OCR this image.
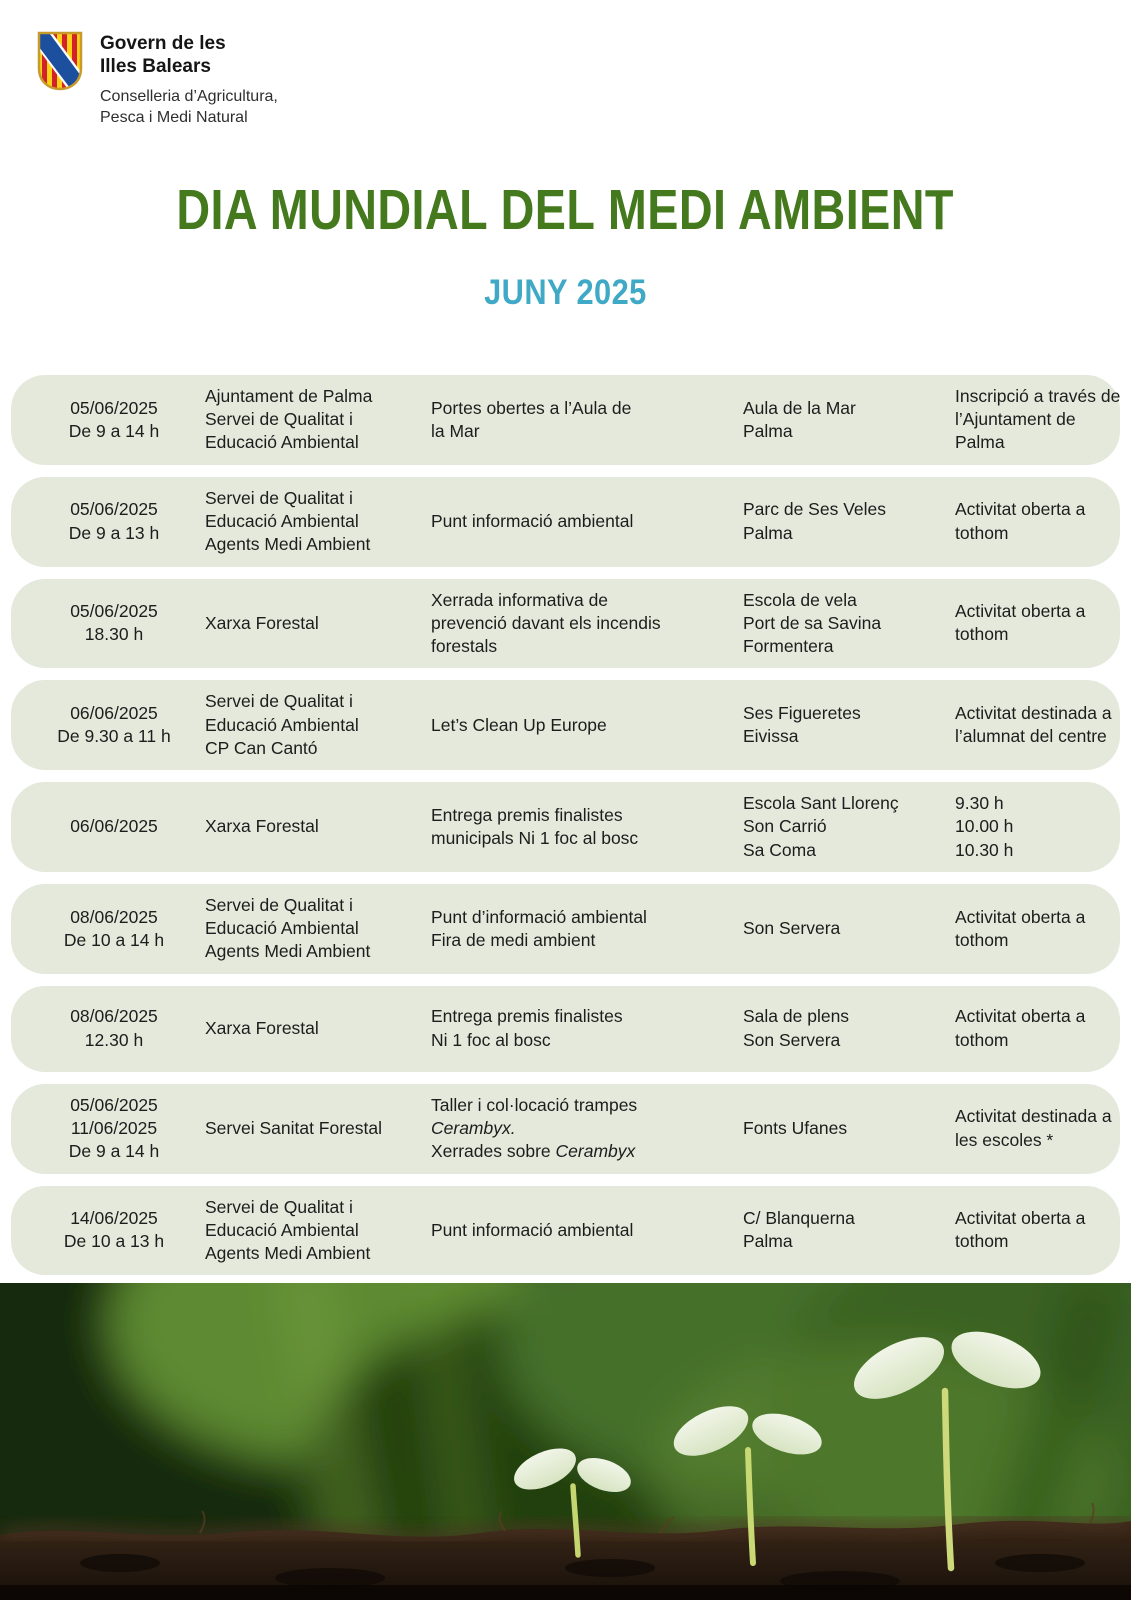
Govern de les
Illes Balears
Conselleria d’Agricultura,
Pesca i Medi Natural
DIA MUNDIAL DEL MEDI AMBIENT
JUNY 2025
05/06/2025
De 9 a 14 h
Ajuntament de Palma
Servei de Qualitat i
Educació Ambiental
Portes obertes a l’Aula de
la Mar
Aula de la Mar
Palma
Inscripció a través de
l’Ajuntament de
Palma
05/06/2025
De 9 a 13 h
Servei de Qualitat i
Educació Ambiental
Agents Medi Ambient
Punt informació ambiental
Parc de Ses Veles
Palma
Activitat oberta a
tothom
05/06/2025
18.30 h
Xarxa Forestal
Xerrada informativa de
prevenció davant els incendis
forestals
Escola de vela
Port de sa Savina
Formentera
Activitat oberta a
tothom
06/06/2025
De 9.30 a 11 h
Servei de Qualitat i
Educació Ambiental
CP Can Cantó
Let’s Clean Up Europe
Ses Figueretes
Eivissa
Activitat destinada a
l’alumnat del centre
06/06/2025	Xarxa Forestal
Entrega premis finalistes
municipals Ni 1 foc al bosc
Escola Sant Llorenç
Son Carrió
Sa Coma
9.30 h
10.00 h
10.30 h
08/06/2025
De 10 a 14 h
Servei de Qualitat i
Educació Ambiental
Agents Medi Ambient
Punt d’informació ambiental
Fira de medi ambient
Son Servera
Activitat oberta a
tothom
08/06/2025
12.30 h
Xarxa Forestal
Entrega premis finalistes
Ni 1 foc al bosc
Sala de plens
Son Servera
Activitat oberta a
tothom
05/06/2025
11/06/2025
De 9 a 14 h
Servei Sanitat Forestal
Taller i col·locació trampes
Cerambyx.
Xerrades sobre Cerambyx
Fonts Ufanes
Activitat destinada a
les escoles *
14/06/2025
De 10 a 13 h
Servei de Qualitat i
Educació Ambiental
Agents Medi Ambient
Punt informació ambiental
C/ Blanquerna
Palma
Activitat oberta a
tothom
